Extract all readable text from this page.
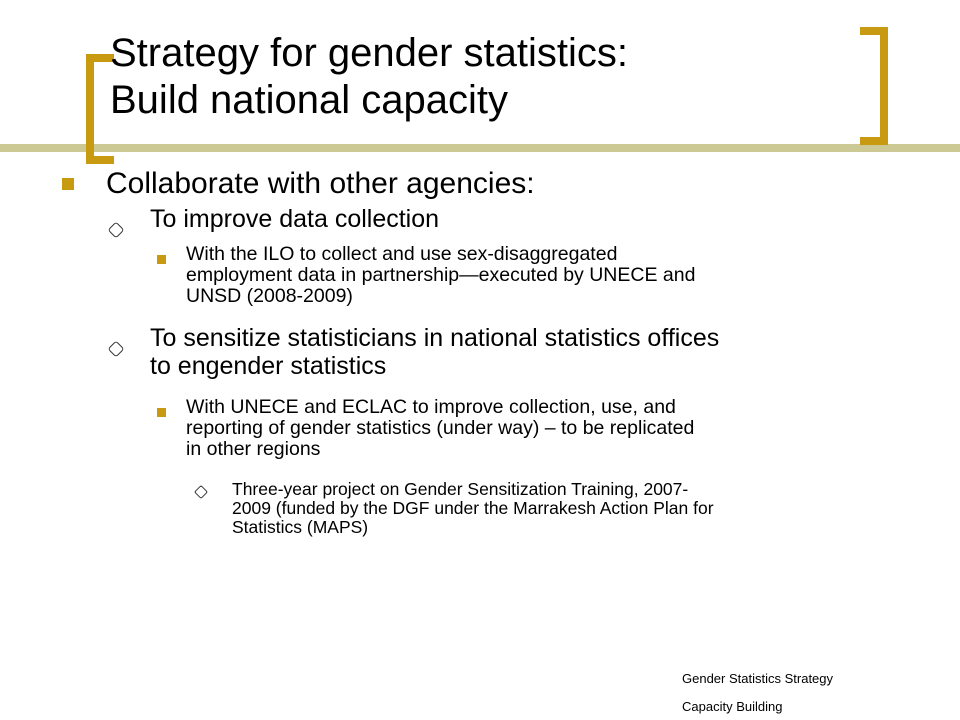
Strategy for gender statistics:
Build national capacity
Collaborate with other agencies:
To improve data collection
With the ILO to collect and use sex-disaggregated
employment data in partnership—executed by UNECE and
UNSD (2008-2009)
To sensitize statisticians in national statistics offices
to engender statistics
With UNECE and ECLAC to improve collection, use, and
reporting of gender statistics (under way) – to be replicated
in other regions
Three-year project on Gender Sensitization Training, 2007-
2009 (funded by the DGF under the Marrakesh Action Plan for
Statistics (MAPS)
Gender Statistics Strategy
Capacity Building
